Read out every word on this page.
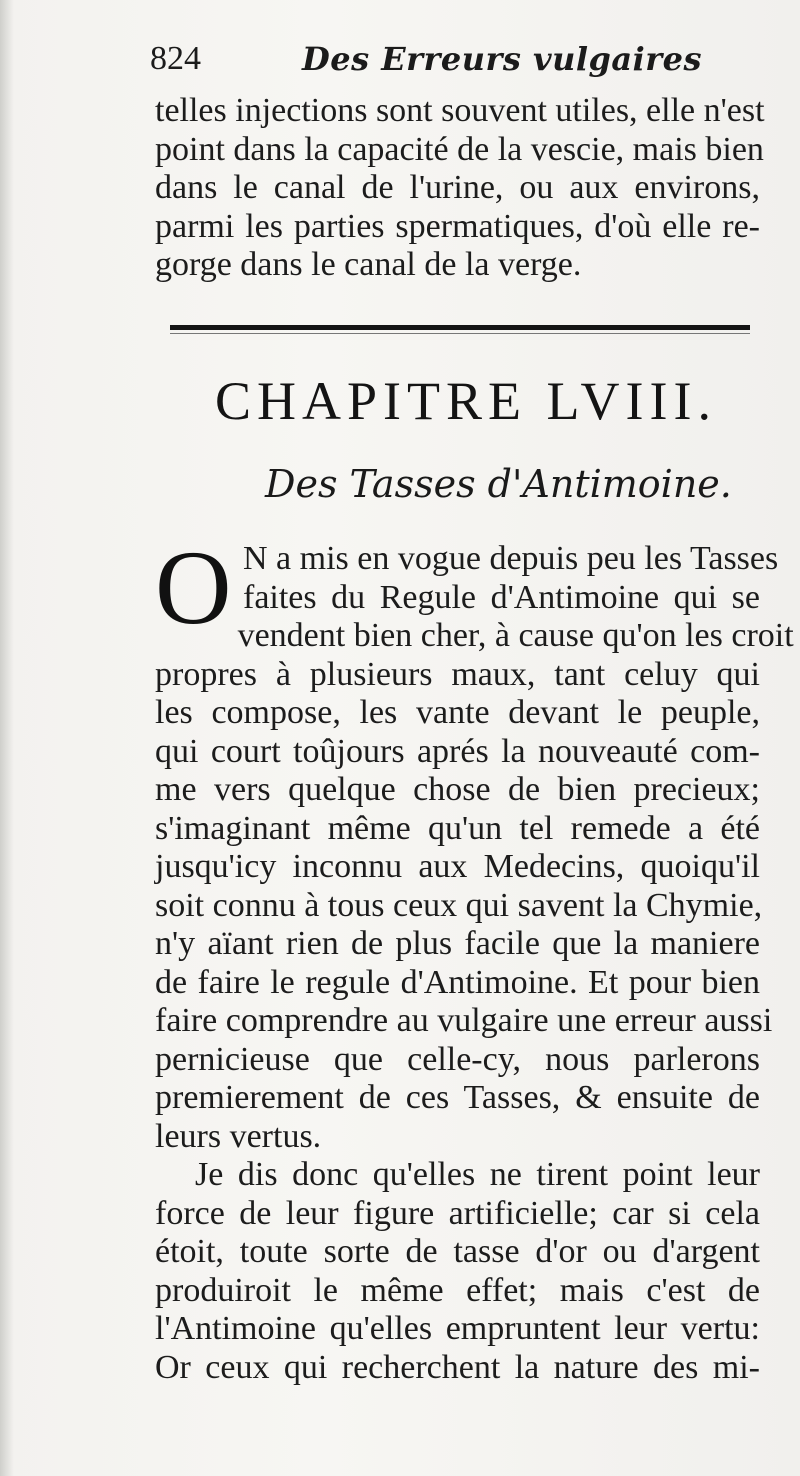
824	Des Erreurs vulgaires
telles injections sont souvent utiles, elle n'est
point dans la capacité de la vescie, mais bien
dans le canal de l'urine, ou aux environs,
parmi les parties spermatiques, d'où elle re-
gorge dans le canal de la verge.
CHAPITRE LVIII.
Des Tasses d'Antimoine.
O N a mis en vogue depuis peu les Tasses
faites du Regule d'Antimoine qui se
vendent bien cher, à cause qu'on les croit
propres à plusieurs maux, tant celuy qui
les compose, les vante devant le peuple,
qui court toûjours aprés la nouveauté com-
me vers quelque chose de bien precieux;
s'imaginant même qu'un tel remede a été
jusqu'icy inconnu aux Medecins, quoiqu'il
soit connu à tous ceux qui savent la Chymie,
n'y aïant rien de plus facile que la maniere
de faire le regule d'Antimoine. Et pour bien
faire comprendre au vulgaire une erreur aussi
pernicieuse que celle-cy, nous parlerons
premierement de ces Tasses, & ensuite de
leurs vertus.
Je dis donc qu'elles ne tirent point leur
force de leur figure artificielle; car si cela
étoit, toute sorte de tasse d'or ou d'argent
produiroit le même effet; mais c'est de
l'Antimoine qu'elles empruntent leur vertu:
Or ceux qui recherchent la nature des mi-
